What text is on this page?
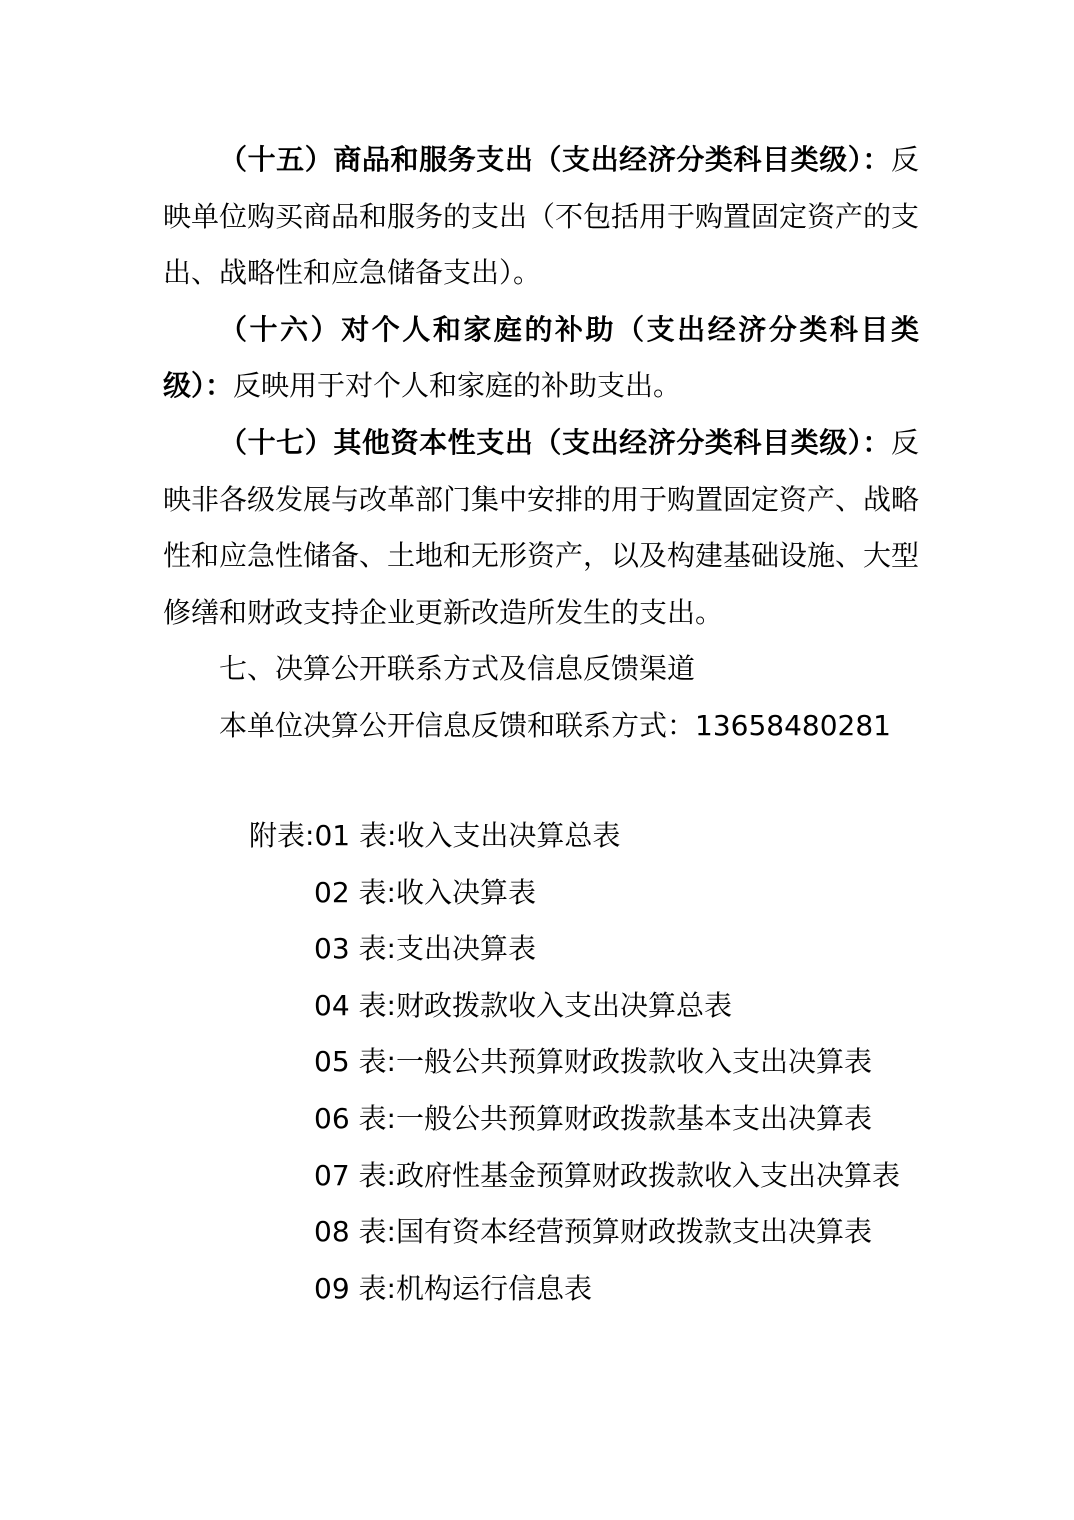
（十五）商品和服务支出（支出经济分类科目类级）：反映单位购买商品和服务的支出（不包括用于购置固定资产的支出、战略性和应急储备支出）。

（十六）对个人和家庭的补助（支出经济分类科目类级）：反映用于对个人和家庭的补助支出。

（十七）其他资本性支出（支出经济分类科目类级）：反映非各级发展与改革部门集中安排的用于购置固定资产、战略性和应急性储备、土地和无形资产，以及构建基础设施、大型修缮和财政支持企业更新改造所发生的支出。

七、决算公开联系方式及信息反馈渠道

本单位决算公开信息反馈和联系方式：13658480281

附表:01 表:收入支出决算总表
02 表:收入决算表
03 表:支出决算表
04 表:财政拨款收入支出决算总表
05 表:一般公共预算财政拨款收入支出决算表
06 表:一般公共预算财政拨款基本支出决算表
07 表:政府性基金预算财政拨款收入支出决算表
08 表:国有资本经营预算财政拨款支出决算表
09 表:机构运行信息表
